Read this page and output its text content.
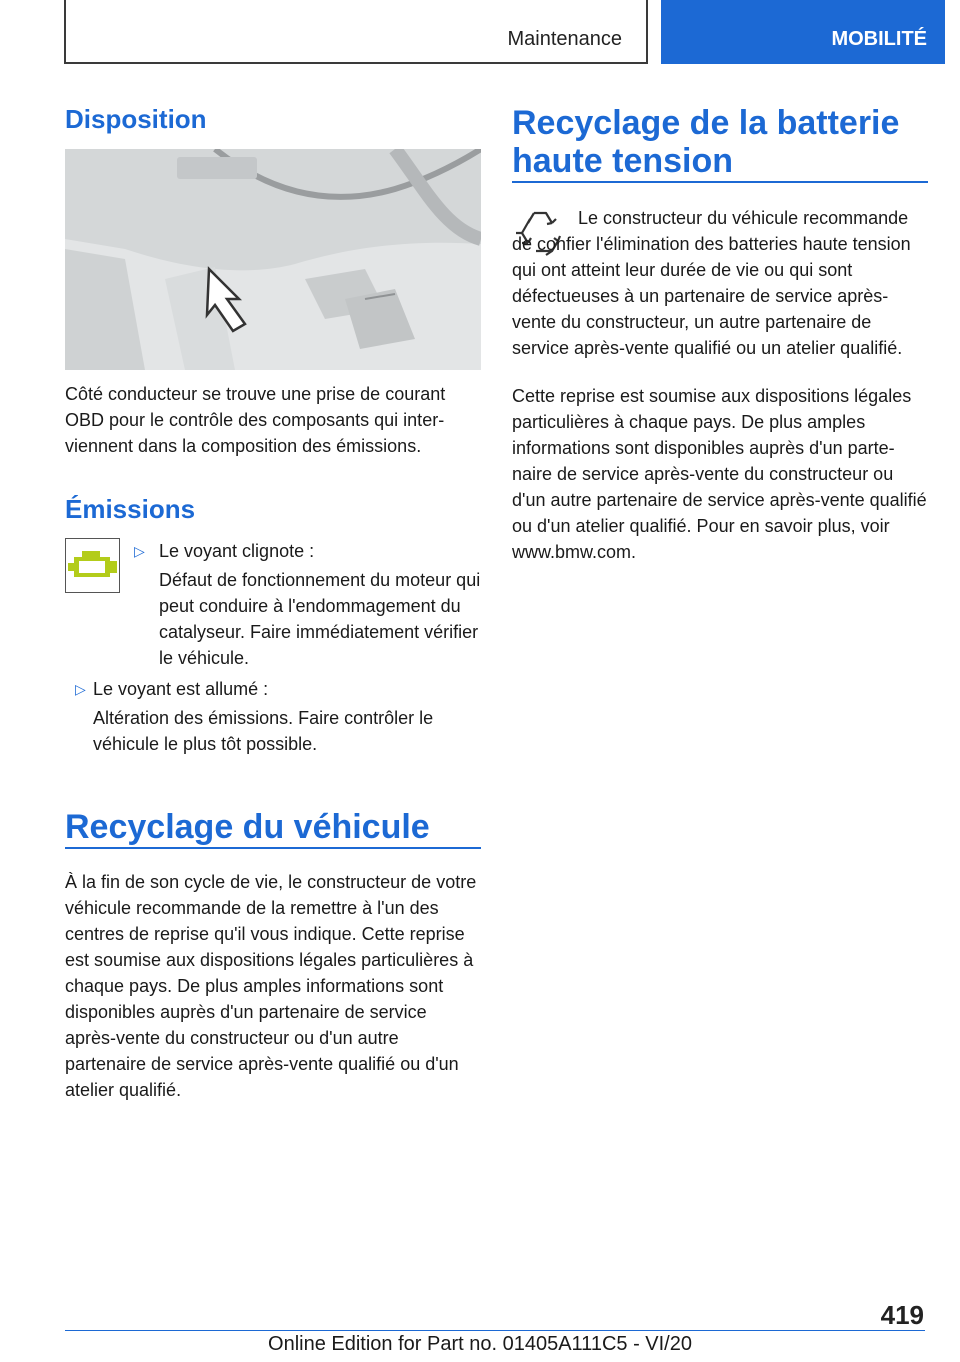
Maintenance	MOBILITÉ
Disposition

Côté conducteur se trouve une prise de courant OBD pour le contrôle des composants qui interviennent dans la composition des émissions.

Émissions
▷ Le voyant clignote :

Défaut de fonctionnement du moteur qui peut conduire à l'endommagement du catalyseur. Faire immédiatement vérifier le véhicule.

▷ Le voyant est allumé :

Altération des émissions. Faire contrôler le véhicule le plus tôt possible.

Recyclage du véhicule

À la fin de son cycle de vie, le constructeur de votre véhicule recommande de la remettre à l'un des centres de reprise qu'il vous indique. Cette reprise est soumise aux dispositions légales particulières à chaque pays. De plus amples informations sont disponibles auprès d'un partenaire de service après-vente du constructeur ou d'un autre partenaire de service après-vente qualifié ou d'un atelier qualifié.

Recyclage de la batterie haute tension

Le constructeur du véhicule recommande de confier l'élimination des batteries haute tension qui ont atteint leur durée de vie ou qui sont défectueuses à un partenaire de service après-vente du constructeur, un autre partenaire de service après-vente qualifié ou un atelier qualifié.

Cette reprise est soumise aux dispositions légales particulières à chaque pays. De plus amples informations sont disponibles auprès d'un partenaire de service après-vente du constructeur ou d'un autre partenaire de service après-vente qualifié ou d'un atelier qualifié. Pour en savoir plus, voir www.bmw.com.

419
Online Edition for Part no. 01405A111C5 - VI/20
